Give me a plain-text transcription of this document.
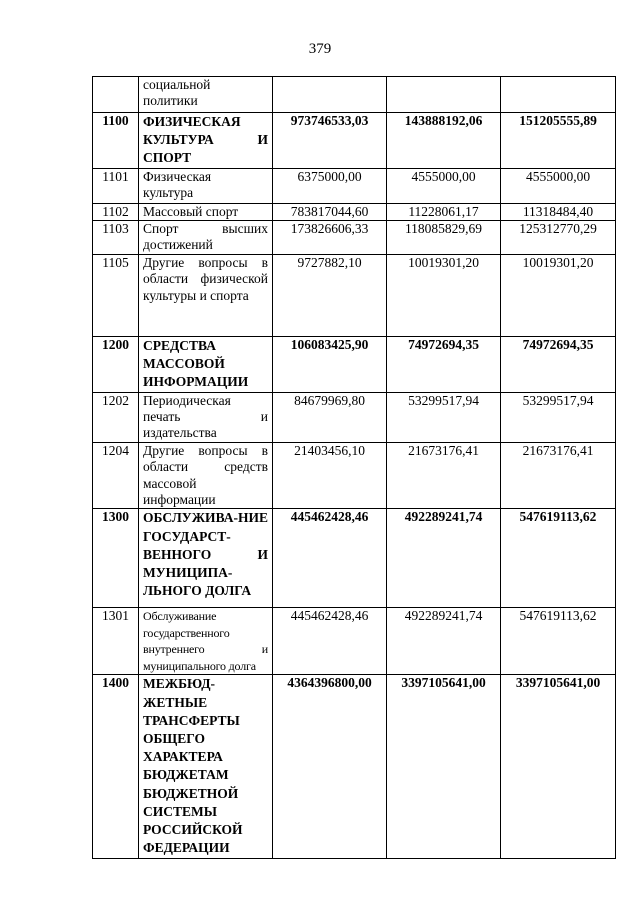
379
	социальной политики			
1100	ФИЗИЧЕСКАЯ КУЛЬТУРА И СПОРТ	973746533,03	143888192,06	151205555,89
1101	Физическая культура	6375000,00	4555000,00	4555000,00
1102	Массовый спорт	783817044,60	11228061,17	11318484,40
1103	Спорт высших достижений	173826606,33	118085829,69	125312770,29
1105	Другие вопросы в области физической культуры и спорта	9727882,10	10019301,20	10019301,20
1200	СРЕДСТВА МАССОВОЙ ИНФОРМАЦИИ	106083425,90	74972694,35	74972694,35
1202	Периодическая печать и издательства	84679969,80	53299517,94	53299517,94
1204	Другие вопросы в области средств массовой информации	21403456,10	21673176,41	21673176,41
1300	ОБСЛУЖИВА-НИЕ ГОСУДАРСТ-ВЕННОГО И МУНИЦИПА-ЛЬНОГО ДОЛГА	445462428,46	492289241,74	547619113,62
1301	Обслуживание государственного внутреннего и муниципального долга	445462428,46	492289241,74	547619113,62
1400	МЕЖБЮД-ЖЕТНЫЕ ТРАНСФЕРТЫ ОБЩЕГО ХАРАКТЕРА БЮДЖЕТАМ БЮДЖЕТНОЙ СИСТЕМЫ РОССИЙСКОЙ ФЕДЕРАЦИИ	4364396800,00	3397105641,00	3397105641,00
